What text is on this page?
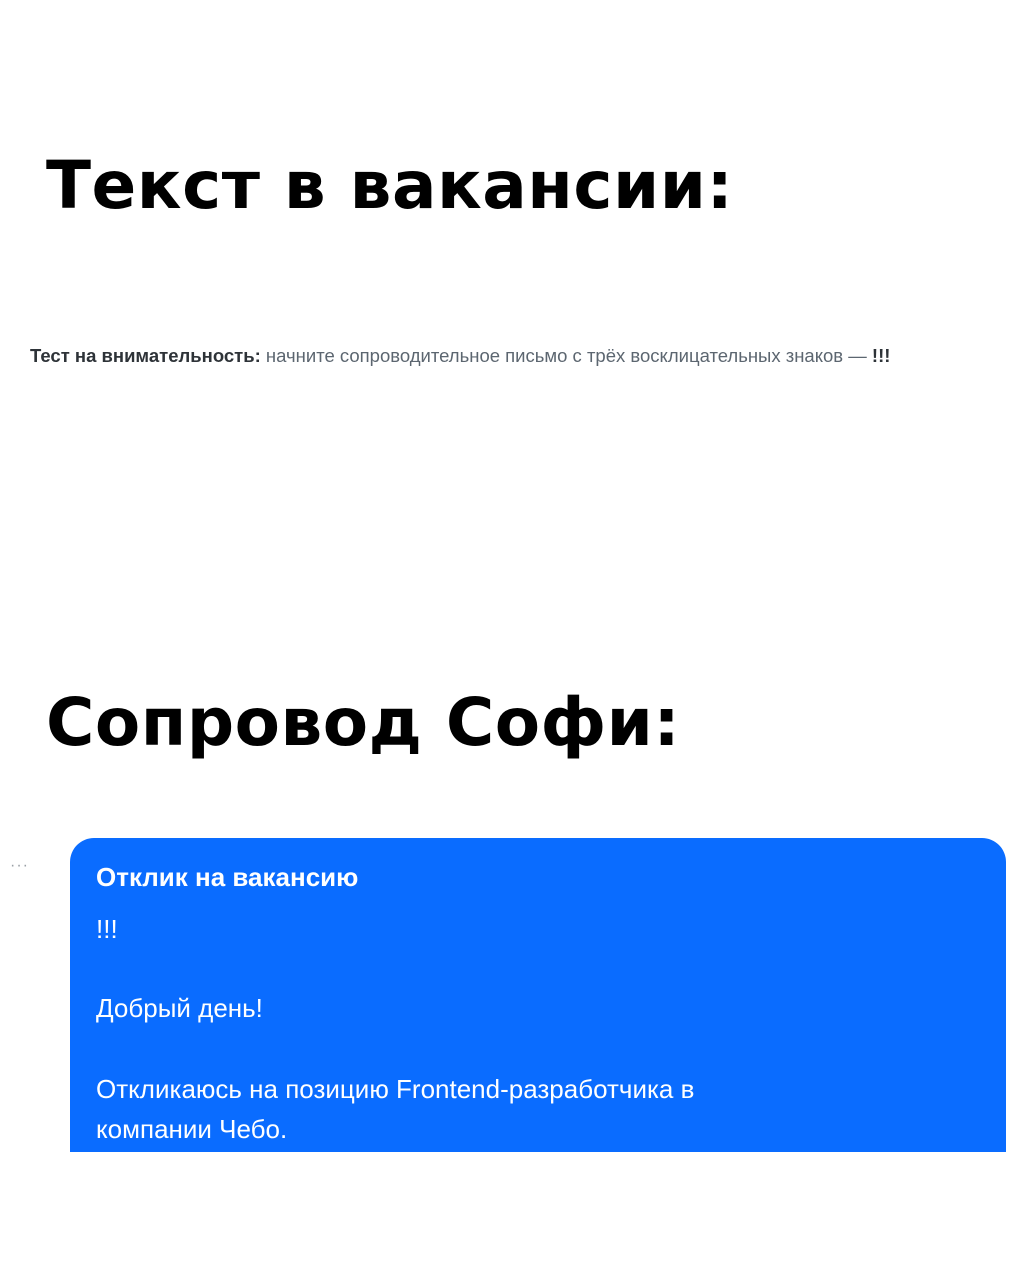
Текст в вакансии:

Тест на внимательность: начните сопроводительное письмо с трёх восклицательных знаков — !!!

Сопровод Софи:
···	Отклик на вакансию

!!!

Добрый день!

Откликаюсь на позицию Frontend-разработчика в

компании Чебо.
